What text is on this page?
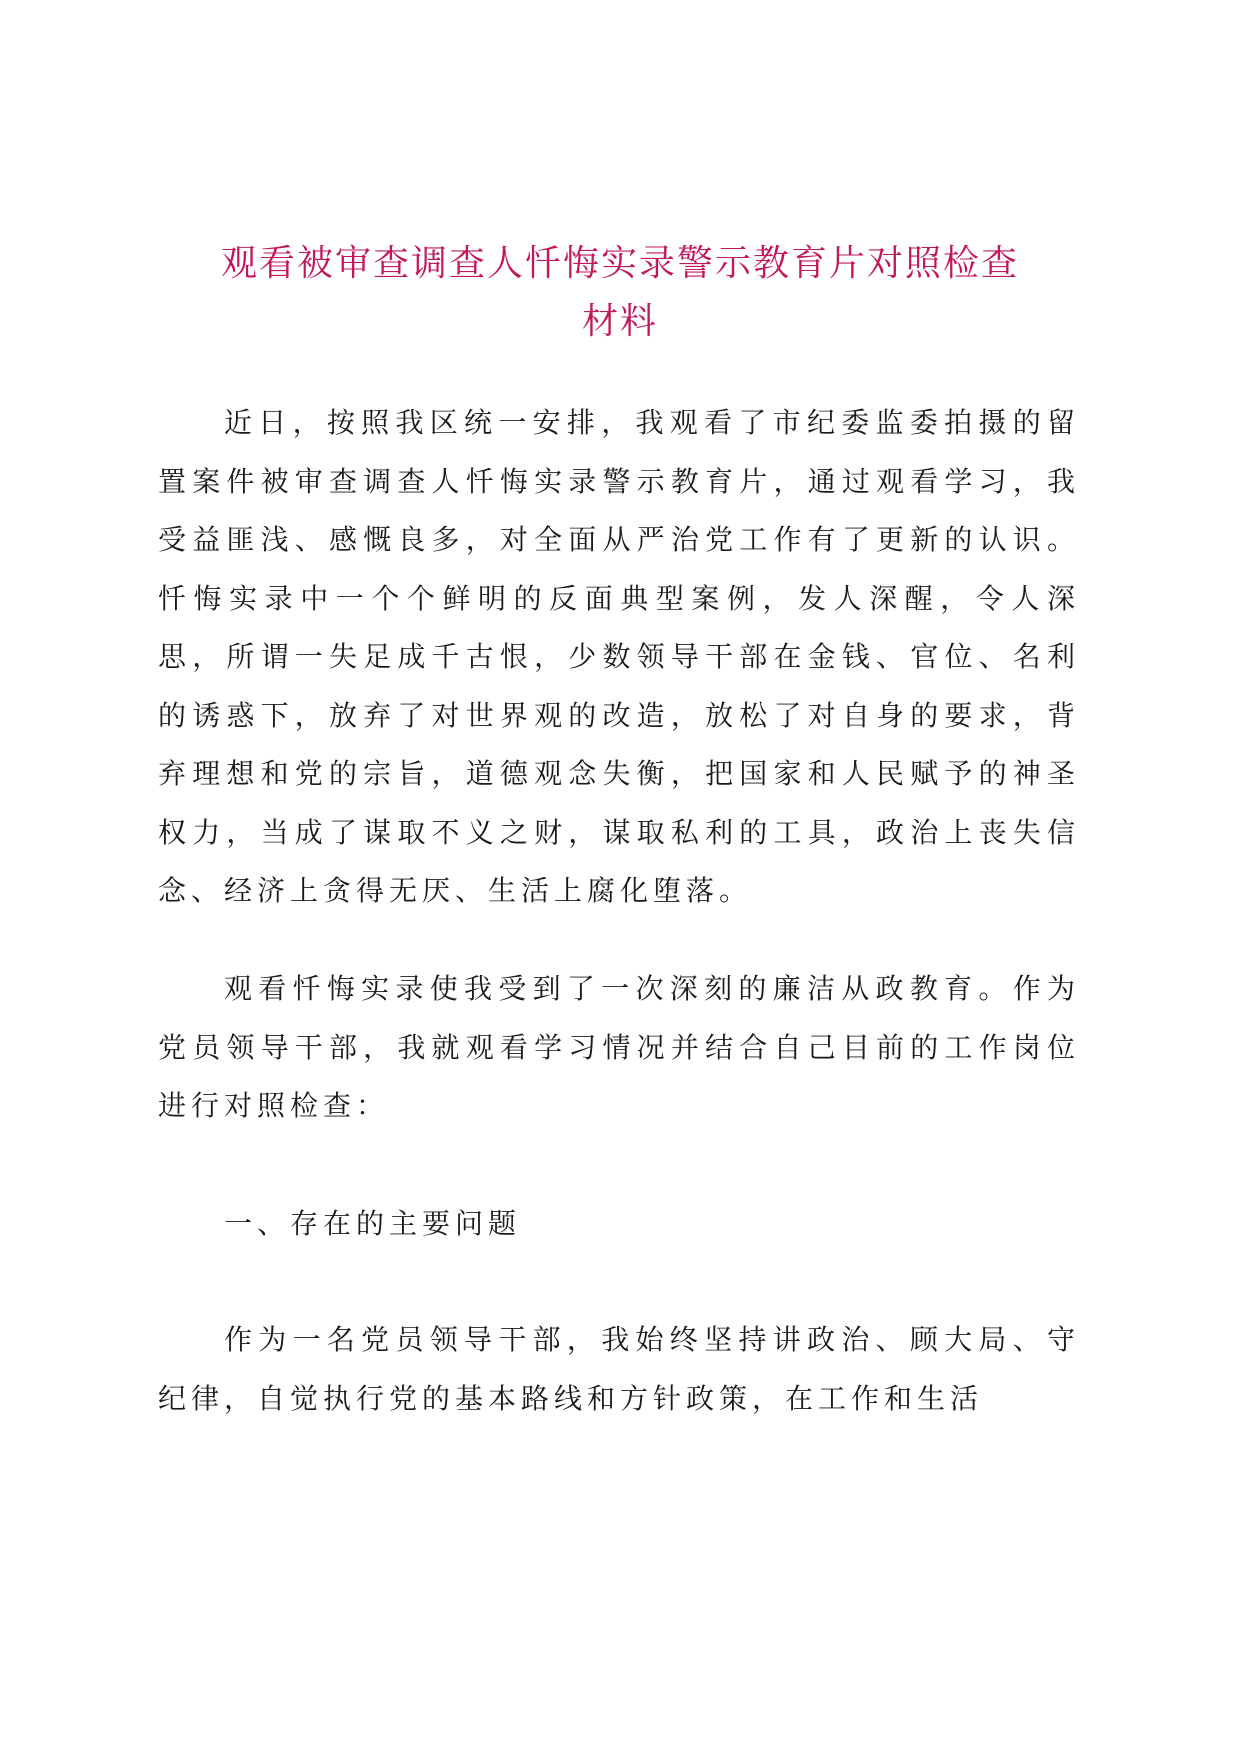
观看被审查调查人忏悔实录警示教育片对照检查
材料

近日，按照我区统一安排，我观看了市纪委监委拍摄的留置案件被审查调查人忏悔实录警示教育片，通过观看学习，我受益匪浅、感慨良多，对全面从严治党工作有了更新的认识。忏悔实录中一个个鲜明的反面典型案例，发人深醒，令人深思，所谓一失足成千古恨，少数领导干部在金钱、官位、名利的诱惑下，放弃了对世界观的改造，放松了对自身的要求，背弃理想和党的宗旨，道德观念失衡，把国家和人民赋予的神圣权力，当成了谋取不义之财，谋取私利的工具，政治上丧失信念、经济上贪得无厌、生活上腐化堕落。

观看忏悔实录使我受到了一次深刻的廉洁从政教育。作为党员领导干部，我就观看学习情况并结合自己目前的工作岗位进行对照检查：

一、存在的主要问题

作为一名党员领导干部，我始终坚持讲政治、顾大局、守纪律，自觉执行党的基本路线和方针政策，在工作和生活
